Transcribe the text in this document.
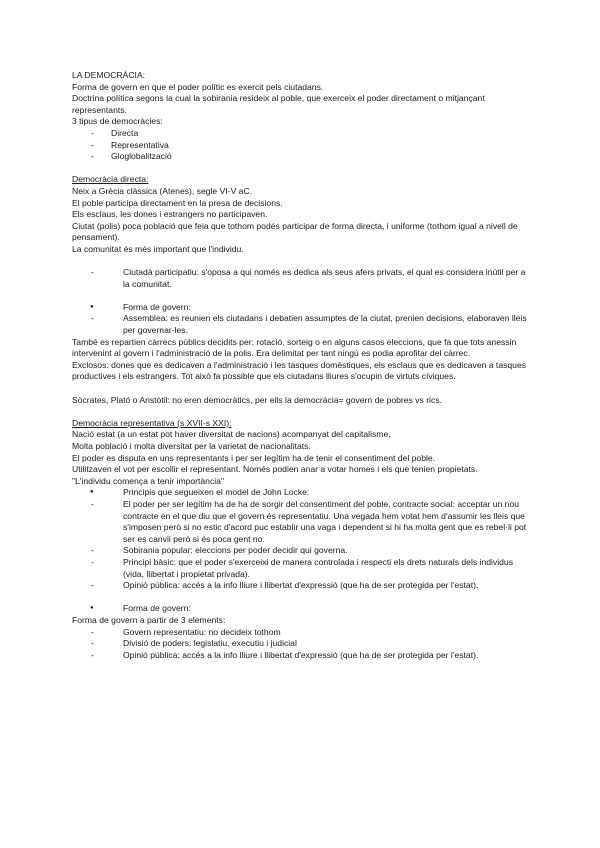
LA DEMOCRÀCIA:

Forma de govern en que el poder polític es exercit pels ciutadans.

Doctrina política segons la cual la sobirania resideix al poble, que exerceix el poder directament o mitjançant representants.

3 tipus de democràcies:

- Directa
- Representativa
- Gloglobalització

Democràcia directa:

Neix a Grècia clàssica (Atenes), segle VI-V aC.

El poble participa directament en la presa de decisions.

Els esclaus, les dones i estrangers no participaven.

Ciutat (polis) poca població que feia que tothom podés participar de forma directa, i uniforme (tothom igual a nivell de pensament).

La comunitat és més important que l'individu.

- Ciutadà participatiu: s'oposa a qui només es dedica als seus afers privats, el qual es considera inútil per a la comunitat.
● Forma de govern:
- Assemblea: es reunien els ciutadans i debatien assumptes de la ciutat, prenien decisions, elaboraven lleis per governar-les.

També es repartien càrrecs públics decidits per: rotació, sorteig o en alguns casos eleccions, que fa que tots anessin intervenint al govern i l'administració de la polis. Era delimitat per tant ningú es podia aprofitar del càrrec.

Exclosos: dones que es dedicaven a l'administració i les tasques domèstiques, els esclaus que es dedicaven a tasques productives i els estrangers. Tot això fa possible que els ciutadans lliures s'ocupin de virtuts cíviques.

Sòcrates, Plató o Aristòtil: no eren democràtics, per ells la democràcia= govern de pobres vs rics.

Democràcia representativa (s XVII-s XXI):

Nació estat (a un estat pot haver diversitat de nacions) acompanyat del capitalisme.

Molta població i molta diversitat per la varietat de nacionalitats.

El poder es disputa en uns representants i per ser legítim ha de tenir el consentiment del poble.

Utilitzaven el vot per escollir el representant. Només podien anar a votar homes i els que tenien propietats.

"L'individu comença a tenir importància"

● Principis que segueixen el model de John Locke:
- El poder per ser legítim ha de ha de sorgir del consentiment del poble, contracte social: acceptar un nou contracte en el que diu que el govern és representatiu. Una vegada hem votat hem d'assumir les lleis que s'imposen però si no estic d'acord puc establir una vaga i dependent si hi ha molta gent que es rebel·li pot ser es canvii però si és poca gent no.
- Sobirania popular: eleccions per poder decidir qui governa.
- Principi bàsic: que el poder s'exerceixi de manera controlada i respecti els drets naturals dels individus (vida, llibertat i propietat privada).
- Opinió pública: accés a la info lliure i llibertat d'expressió (que ha de ser protegida per l'estat).
● Forma de govern:

Forma de govern a partir de 3 elements:

- Govern representatiu: no decideix tothom
- Divisió de poders: legislatiu, executiu i judicial
- Opinió pública: accés a la info lliure i llibertat d'expressió (que ha de ser protegida per l'estat).
